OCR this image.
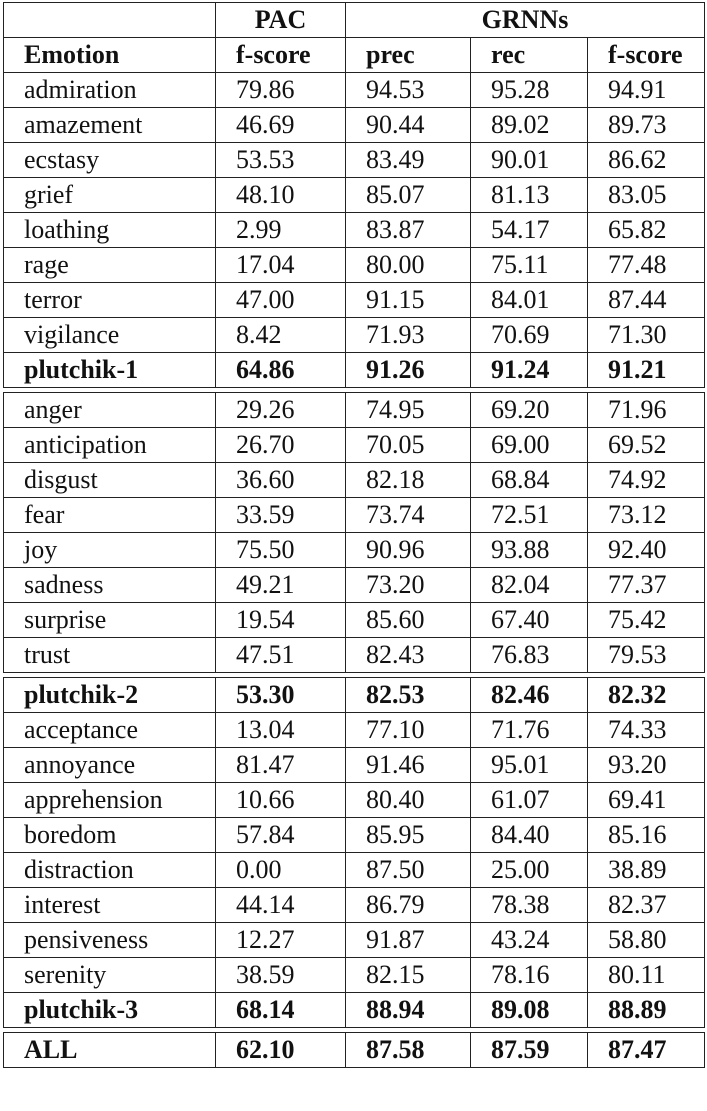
	PAC	GRNNs		
Emotion	f-score	prec	rec	f-score
admiration	79.86	94.53	95.28	94.91
amazement	46.69	90.44	89.02	89.73
ecstasy	53.53	83.49	90.01	86.62
grief	48.10	85.07	81.13	83.05
loathing	2.99	83.87	54.17	65.82
rage	17.04	80.00	75.11	77.48
terror	47.00	91.15	84.01	87.44
vigilance	8.42	71.93	70.69	71.30
plutchik-1	64.86	91.26	91.24	91.21

anger	29.26	74.95	69.20	71.96
anticipation	26.70	70.05	69.00	69.52
disgust	36.60	82.18	68.84	74.92
fear	33.59	73.74	72.51	73.12
joy	75.50	90.96	93.88	92.40
sadness	49.21	73.20	82.04	77.37
surprise	19.54	85.60	67.40	75.42
trust	47.51	82.43	76.83	79.53

plutchik-2	53.30	82.53	82.46	82.32
acceptance	13.04	77.10	71.76	74.33
annoyance	81.47	91.46	95.01	93.20
apprehension	10.66	80.40	61.07	69.41
boredom	57.84	85.95	84.40	85.16
distraction	0.00	87.50	25.00	38.89
interest	44.14	86.79	78.38	82.37
pensiveness	12.27	91.87	43.24	58.80
serenity	38.59	82.15	78.16	80.11
plutchik-3	68.14	88.94	89.08	88.89

ALL	62.10	87.58	87.59	87.47
